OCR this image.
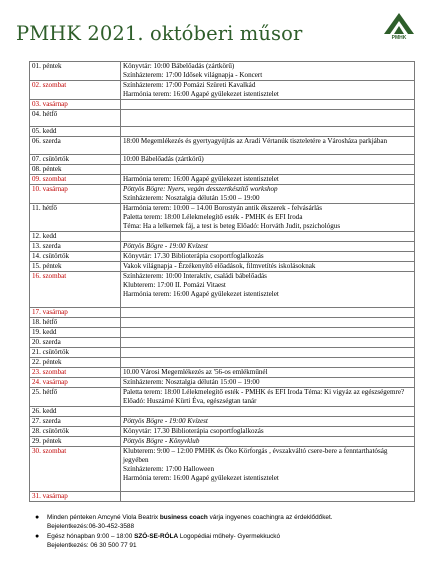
PMHK 2021. októberi műsor	PMHK
01. péntek	Könyvtár: 10:00 Bábelőadás (zártkörű)
Színházterem: 17:00 Idősek világnapja - Koncert

02. szombat	Színházterem: 17:00 Pomázi Szüreti Kavalkád
Harmónia terem: 16:00 Agapé gyülekezet istentisztelet

03. vasárnap	
04. hétfő	
05. kedd	
06. szerda	18:00 Megemlékezés és gyertyagyújtás az Aradi Vértanúk tiszteletére a Városháza parkjában

07. csütörtök	10:00 Bábelőadás (zártkörű)

08. péntek	
09. szombat	Harmónia terem: 16:00 Agapé gyülekezet istentisztelet

10. vasárnap	Pöttyös Bögre: Nyers, vegán desszertkészítő workshop
Színházterem: Nosztalgia délután 15:00 – 19:00

11. hétfő	Harmónia terem: 10:00 – 14.00 Borostyán antik ékszerek - felvásárlás
Paletta terem: 18:00 Lélekmelegítő esték - PMHK és EFI Iroda
Téma: Ha a lelkemek fáj, a test is beteg Előadó: Horváth Judit, pszichológus

12. kedd	
13. szerda	Pöttyös Bögre - 19:00 Kvízest

14. csütörtök	Könyvtár: 17.30 Biblioterápia csoportfoglalkozás

15. péntek	Vakok világnapja - Érzékenyítő előadások, filmvetítés iskolásoknak

16. szombat	Színházterem: 10:00 Interaktív, családi bábelőadás
Klubterem: 17:00 II. Pomázi Vitaest
Harmónia terem: 16:00 Agapé gyülekezet istentisztelet

17. vasárnap	
18. hétfő	
19. kedd	
20. szerda	
21. csütörtök	
22. péntek	
23. szombat	10.00 Városi Megemlékezés az '56-os emlékműnél

24. vasárnap	Színházterem: Nosztalgia délután 15:00 – 19:00

25. hétfő	Paletta terem: 18:00 Lélekmelegítő esték - PMHK és EFI Iroda Téma: Ki vigyáz az egészségemre? Előadó: Huszárné Kürti Éva, egészségtan tanár

26. kedd	
27. szerda	Pöttyös Bögre - 19:00 Kvízest

28. csütörtök	Könyvtár: 17.30 Biblioterápia csoportfoglalkozás

29. péntek	Pöttyös Bögre - Könyvklub

30. szombat	Klubterem: 9:00 – 12:00 PMHK és Öko Körforgás , évszakváltó csere-bere a fenntarthatóság jegyében
Színházterem: 17:00 Halloween
Harmónia terem: 16:00 Agapé gyülekezet istentisztelet

31. vasárnap	
● Minden pénteken Amcyné Viola Beatrix business coach várja ingyenes coachingra az érdeklődőket.
Bejelentkezés:06-30-452-3588
● Egész hónapban 9:00 – 18:00 SZÓ-SE-RÓLA Logopédiai műhely- Gyermekkuckó
Bejelentkezés: 06 30 500 77 91
